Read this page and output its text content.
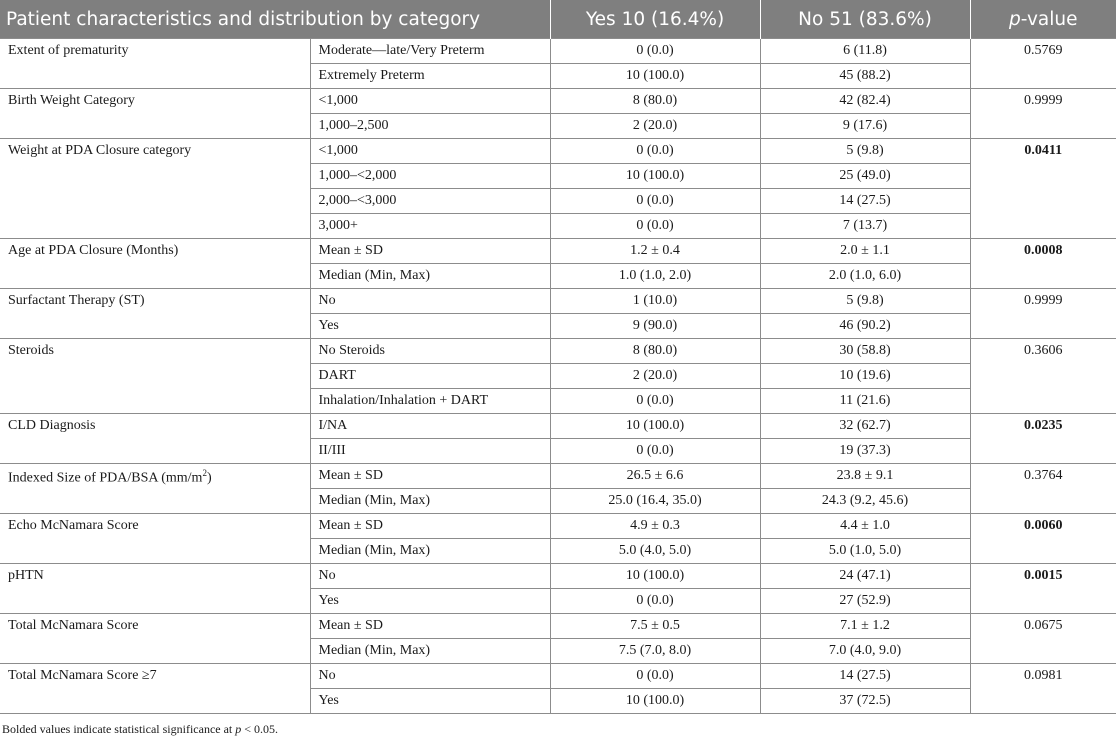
Patient characteristics and distribution by category		Yes 10 (16.4%)	No 51 (83.6%)	p-value
Extent of prematurity	Moderate—late/Very Preterm	0 (0.0)	6 (11.8)	0.5769
	Extremely Preterm	10 (100.0)	45 (88.2)	
Birth Weight Category	<1,000	8 (80.0)	42 (82.4)	0.9999
	1,000–2,500	2 (20.0)	9 (17.6)	
Weight at PDA Closure category	<1,000	0 (0.0)	5 (9.8)	0.0411
	1,000–<2,000	10 (100.0)	25 (49.0)	
	2,000–<3,000	0 (0.0)	14 (27.5)	
	3,000+	0 (0.0)	7 (13.7)	
Age at PDA Closure (Months)	Mean ± SD	1.2 ± 0.4	2.0 ± 1.1	0.0008
	Median (Min, Max)	1.0 (1.0, 2.0)	2.0 (1.0, 6.0)	
Surfactant Therapy (ST)	No	1 (10.0)	5 (9.8)	0.9999
	Yes	9 (90.0)	46 (90.2)	
Steroids	No Steroids	8 (80.0)	30 (58.8)	0.3606
	DART	2 (20.0)	10 (19.6)	
	Inhalation/Inhalation + DART	0 (0.0)	11 (21.6)	
CLD Diagnosis	I/NA	10 (100.0)	32 (62.7)	0.0235
	II/III	0 (0.0)	19 (37.3)	
Indexed Size of PDA/BSA $(mm/m^2)$	Mean ± SD	26.5 ± 6.6	23.8 ± 9.1	0.3764
	Median (Min, Max)	25.0 (16.4, 35.0)	24.3 (9.2, 45.6)	
Echo McNamara Score	Mean ± SD	4.9 ± 0.3	4.4 ± 1.0	0.0060
	Median (Min, Max)	5.0 (4.0, 5.0)	5.0 (1.0, 5.0)	
pHTN	No	10 (100.0)	24 (47.1)	0.0015
	Yes	0 (0.0)	27 (52.9)	
Total McNamara Score	Mean ± SD	7.5 ± 0.5	7.1 ± 1.2	0.0675
	Median (Min, Max)	7.5 (7.0, 8.0)	7.0 (4.0, 9.0)	
Total McNamara Score ≥7	No	0 (0.0)	14 (27.5)	0.0981
	Yes	10 (100.0)	37 (72.5)	
Bolded values indicate statistical significance at p < 0.05.
